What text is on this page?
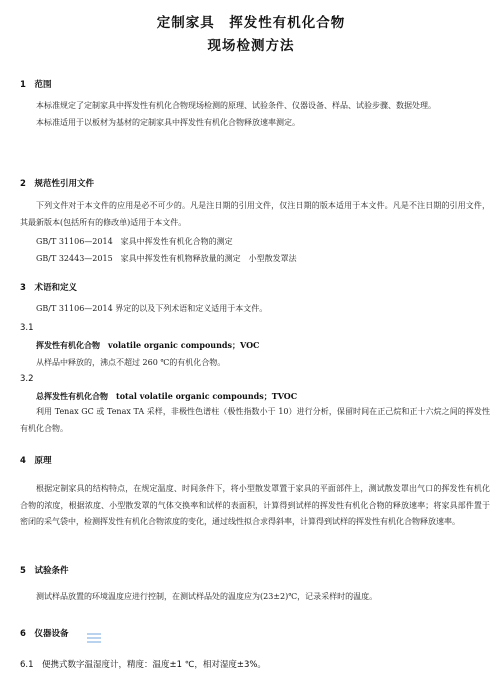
定制家具　挥发性有机化合物
现场检测方法
1　 范围
本标准规定了定制家具中挥发性有机化合物现场检测的原理、试验条件、仪器设备、样品、试验步骤、数据处理。
本标准适用于以板材为基材的定制家具中挥发性有机化合物释放速率测定。
2　 规范性引用文件
下列文件对于本文件的应用是必不可少的。凡是注日期的引用文件，仅注日期的版本适用于本文件。凡是不注日期的引用文件，其最新版本(包括所有的修改单)适用于本文件。
GB/T 31106—2014　家具中挥发性有机化合物的测定
GB/T 32443—2015　家具中挥发性有机物释放量的测定　小型散发罩法
3　 术语和定义
GB/T 31106—2014 界定的以及下列术语和定义适用于本文件。
3.1
挥发性有机化合物　volatile organic compounds；VOC
从样品中释放的，沸点不超过 260 ℃的有机化合物。
3.2
总挥发性有机化合物　total volatile organic compounds；TVOC
利用 Tenax GC 或 Tenax TA 采样，非极性色谱柱（极性指数小于 10）进行分析，保留时间在正己烷和正十六烷之间的挥发性有机化合物。
4　 原理
根据定制家具的结构特点，在规定温度、时间条件下，将小型散发罩置于家具的平面部件上，测试散发罩出气口的挥发性有机化合物的浓度，根据浓度、小型散发罩的气体交换率和试样的表面积，计算得到试样的挥发性有机化合物的释放速率；将家具部件置于密闭的采气袋中，检测挥发性有机化合物浓度的变化，通过线性拟合求得斜率，计算得到试样的挥发性有机化合物释放速率。
5　 试验条件
测试样品放置的环境温度应进行控制，在测试样品处的温度应为(23±2)℃，记录采样时的温度。
6　 仪器设备
6.1　 便携式数字温湿度计，精度：温度±1 ℃，相对湿度±3%。
